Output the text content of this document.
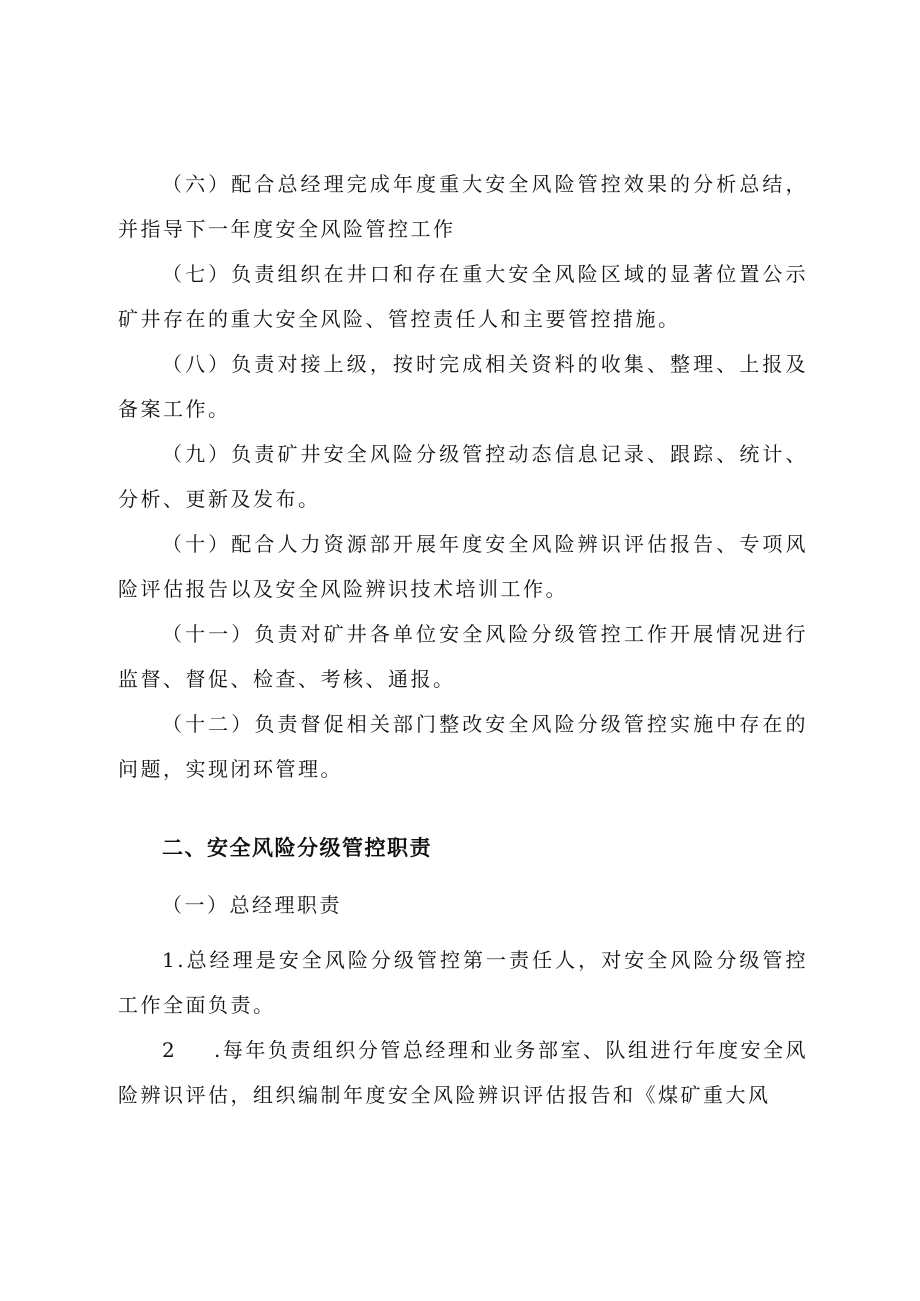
（六）配合总经理完成年度重大安全风险管控效果的分析总结，并指导下一年度安全风险管控工作

（七）负责组织在井口和存在重大安全风险区域的显著位置公示矿井存在的重大安全风险、管控责任人和主要管控措施。

（八）负责对接上级，按时完成相关资料的收集、整理、上报及备案工作。

（九）负责矿井安全风险分级管控动态信息记录、跟踪、统计、分析、更新及发布。

（十）配合人力资源部开展年度安全风险辨识评估报告、专项风险评估报告以及安全风险辨识技术培训工作。

（十一）负责对矿井各单位安全风险分级管控工作开展情况进行监督、督促、检查、考核、通报。

（十二）负责督促相关部门整改安全风险分级管控实施中存在的问题，实现闭环管理。

二、安全风险分级管控职责

（一）总经理职责

1.总经理是安全风险分级管控第一责任人，对安全风险分级管控工作全面负责。

2 .每年负责组织分管总经理和业务部室、队组进行年度安全风险辨识评估，组织编制年度安全风险辨识评估报告和《煤矿重大风
